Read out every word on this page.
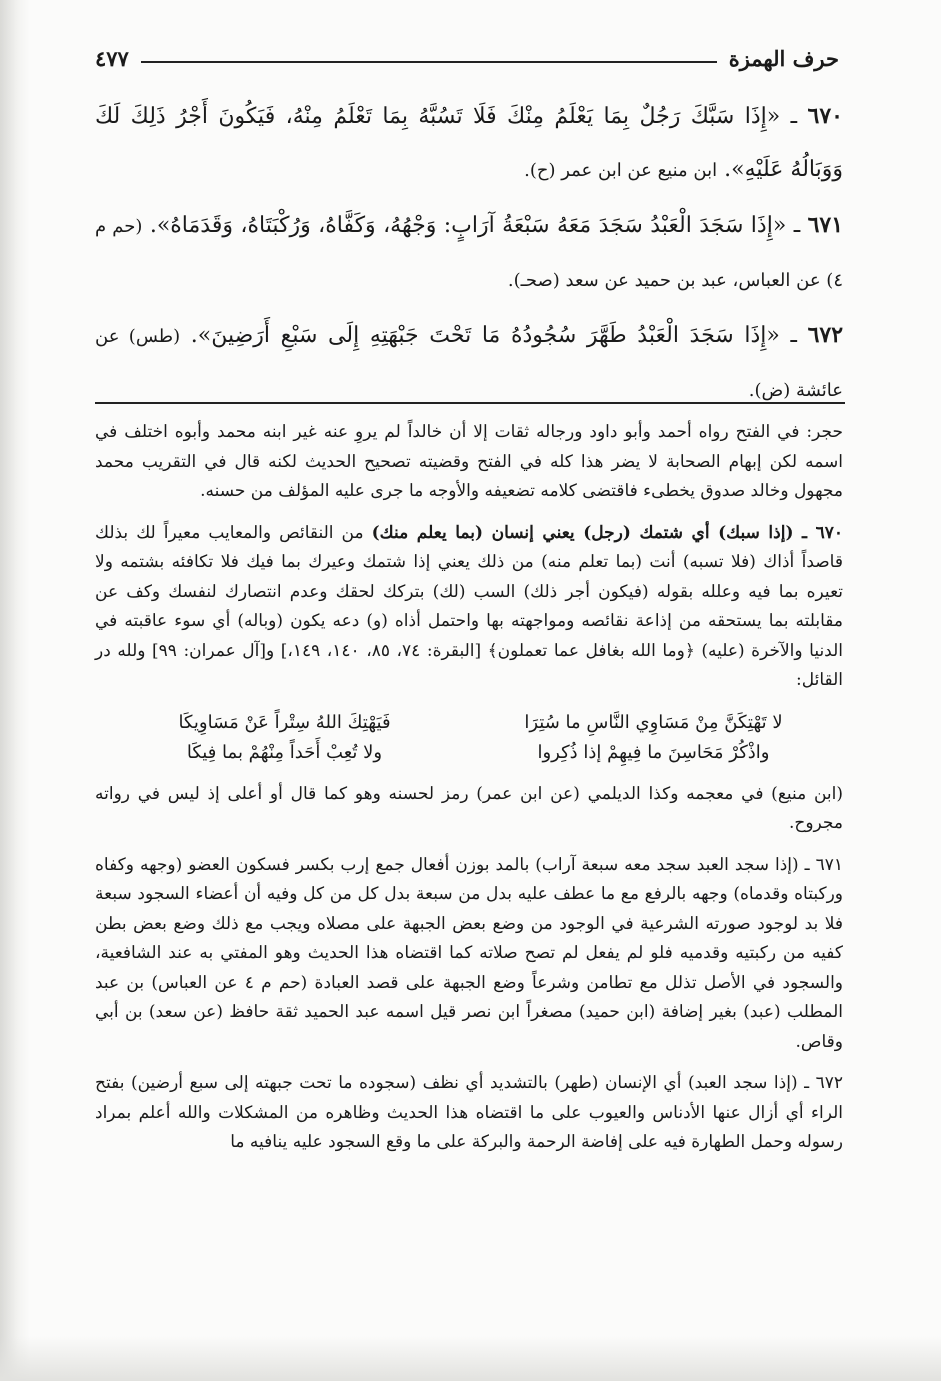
حرف الهمزة
٤٧٧

٦٧٠ ـ «إِذَا سَبَّكَ رَجُلٌ بِمَا يَعْلَمُ مِنْكَ فَلَا تَسُبَّهُ بِمَا تَعْلَمُ مِنْهُ، فَيَكُونَ أَجْرُ ذَلِكَ لَكَ وَوَبَالُهُ عَلَيْهِ». ابن منيع عن ابن عمر (ح).

٦٧١ ـ «إِذَا سَجَدَ الْعَبْدُ سَجَدَ مَعَهُ سَبْعَةُ آرَابٍ: وَجْهُهُ، وَكَفَّاهُ، وَرُكْبَتَاهُ، وَقَدَمَاهُ». (حم م ٤) عن العباس، عبد بن حميد عن سعد (صحـ).

٦٧٢ ـ «إِذَا سَجَدَ الْعَبْدُ طَهَّرَ سُجُودُهُ مَا تَحْتَ جَبْهَتِهِ إِلَى سَبْعِ أَرَضِينَ». (طس) عن عائشة (ض).

حجر: في الفتح رواه أحمد وأبو داود ورجاله ثقات إلا أن خالداً لم يروِ عنه غير ابنه محمد وأبوه اختلف في اسمه لكن إبهام الصحابة لا يضر هذا كله في الفتح وقضيته تصحيح الحديث لكنه قال في التقريب محمد مجهول وخالد صدوق يخطىء فاقتضى كلامه تضعيفه والأوجه ما جرى عليه المؤلف من حسنه.

٦٧٠ ـ (إذا سبك) أي شتمك (رجل) يعني إنسان (بما يعلم منك) من النقائص والمعايب معيراً لك بذلك قاصداً أذاك (فلا تسبه) أنت (بما تعلم منه) من ذلك يعني إذا شتمك وعيرك بما فيك فلا تكافئه بشتمه ولا تعيره بما فيه وعلله بقوله (فيكون أجر ذلك) السب (لك) بتركك لحقك وعدم انتصارك لنفسك وكف عن مقابلته بما يستحقه من إذاعة نقائصه ومواجهته بها واحتمل أذاه (و) دعه يكون (وباله) أي سوء عاقبته في الدنيا والآخرة (عليه) ﴿وما الله بغافل عما تعملون﴾ [البقرة: ٧٤، ٨٥، ١٤٠، ١٤٩،] و[آل عمران: ٩٩] ولله در القائل:

لا تَهْتِكَنَّ مِنْ مَسَاوِي النَّاسِ ما سُتِرَا
فَيَهْتِكَ اللهُ سِتْراً عَنْ مَسَاوِيكَا
واذْكُرْ مَحَاسِنَ ما فِيهِمْ إذا ذُكِروا
ولا تُعِبْ أَحَداً مِنْهُمْ بما فِيكَا

(ابن منيع) في معجمه وكذا الديلمي (عن ابن عمر) رمز لحسنه وهو كما قال أو أعلى إذ ليس في رواته مجروح.

٦٧١ ـ (إذا سجد العبد سجد معه سبعة آراب) بالمد بوزن أفعال جمع إرب بكسر فسكون العضو (وجهه وكفاه وركبتاه وقدماه) وجهه بالرفع مع ما عطف عليه بدل من سبعة بدل كل من كل وفيه أن أعضاء السجود سبعة فلا بد لوجود صورته الشرعية في الوجود من وضع بعض الجبهة على مصلاه ويجب مع ذلك وضع بعض بطن كفيه من ركبتيه وقدميه فلو لم يفعل لم تصح صلاته كما اقتضاه هذا الحديث وهو المفتي به عند الشافعية، والسجود في الأصل تذلل مع تطامن وشرعاً وضع الجبهة على قصد العبادة (حم م ٤ عن العباس) بن عبد المطلب (عبد) بغير إضافة (ابن حميد) مصغراً ابن نصر قيل اسمه عبد الحميد ثقة حافظ (عن سعد) بن أبي وقاص.

٦٧٢ ـ (إذا سجد العبد) أي الإنسان (طهر) بالتشديد أي نظف (سجوده ما تحت جبهته إلى سبع أرضين) بفتح الراء أي أزال عنها الأدناس والعيوب على ما اقتضاه هذا الحديث وظاهره من المشكلات والله أعلم بمراد رسوله وحمل الطهارة فيه على إفاضة الرحمة والبركة على ما وقع السجود عليه ينافيه ما
